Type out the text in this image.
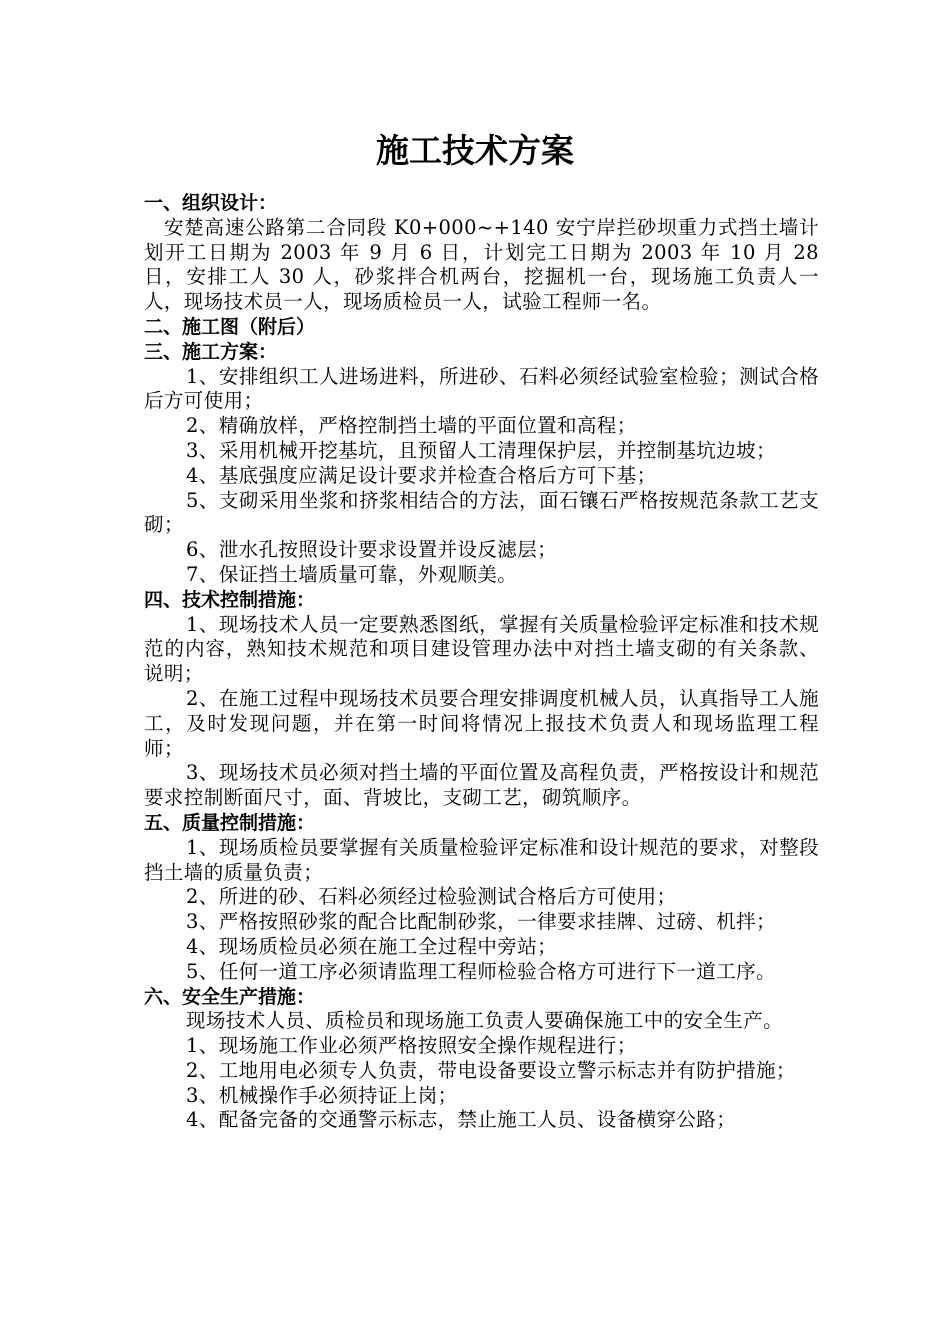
施工技术方案
一、组织设计：
安楚高速公路第二合同段 K0+000~+140 安宁岸拦砂坝重力式挡土墙计划开工日期为 2003 年 9 月 6 日，计划完工日期为 2003 年 10 月 28 日，安排工人 30 人，砂浆拌合机两台，挖掘机一台，现场施工负责人一人，现场技术员一人，现场质检员一人，试验工程师一名。
二、施工图（附后）
三、施工方案：
1、安排组织工人进场进料，所进砂、石料必须经试验室检验；测试合格后方可使用；
2、精确放样，严格控制挡土墙的平面位置和高程；
3、采用机械开挖基坑，且预留人工清理保护层，并控制基坑边坡；
4、基底强度应满足设计要求并检查合格后方可下基；
5、支砌采用坐浆和挤浆相结合的方法，面石镶石严格按规范条款工艺支砌；
6、泄水孔按照设计要求设置并设反滤层；
7、保证挡土墙质量可靠，外观顺美。
四、技术控制措施：
1、现场技术人员一定要熟悉图纸，掌握有关质量检验评定标准和技术规范的内容，熟知技术规范和项目建设管理办法中对挡土墙支砌的有关条款、说明；
2、在施工过程中现场技术员要合理安排调度机械人员，认真指导工人施工，及时发现问题，并在第一时间将情况上报技术负责人和现场监理工程师；
3、现场技术员必须对挡土墙的平面位置及高程负责，严格按设计和规范要求控制断面尺寸，面、背坡比，支砌工艺，砌筑顺序。
五、质量控制措施：
1、现场质检员要掌握有关质量检验评定标准和设计规范的要求，对整段挡土墙的质量负责；
2、所进的砂、石料必须经过检验测试合格后方可使用；
3、严格按照砂浆的配合比配制砂浆，一律要求挂牌、过磅、机拌；
4、现场质检员必须在施工全过程中旁站；
5、任何一道工序必须请监理工程师检验合格方可进行下一道工序。
六、安全生产措施：
现场技术人员、质检员和现场施工负责人要确保施工中的安全生产。
1、现场施工作业必须严格按照安全操作规程进行；
2、工地用电必须专人负责，带电设备要设立警示标志并有防护措施；
3、机械操作手必须持证上岗；
4、配备完备的交通警示标志，禁止施工人员、设备横穿公路；
